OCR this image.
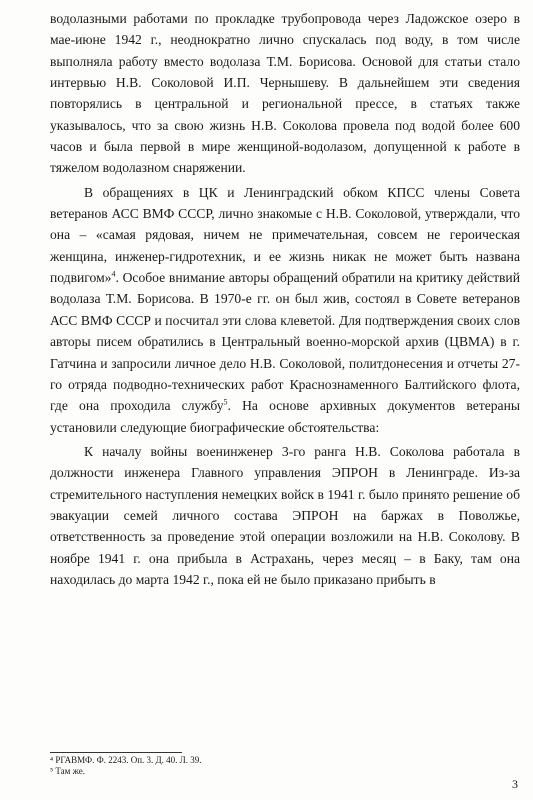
водолазными работами по прокладке трубопровода через Ладожское озеро в мае-июне 1942 г., неоднократно лично спускалась под воду, в том числе выполняла работу вместо водолаза Т.М. Борисова. Основой для статьи стало интервью Н.В. Соколовой И.П. Чернышеву. В дальнейшем эти сведения повторялись в центральной и региональной прессе, в статьях также указывалось, что за свою жизнь Н.В. Соколова провела под водой более 600 часов и была первой в мире женщиной-водолазом, допущенной к работе в тяжелом водолазном снаряжении.

В обращениях в ЦК и Ленинградский обком КПСС члены Совета ветеранов АСС ВМФ СССР, лично знакомые с Н.В. Соколовой, утверждали, что она – «самая рядовая, ничем не примечательная, совсем не героическая женщина, инженер-гидротехник, и ее жизнь никак не может быть названа подвигом»$^4$. Особое внимание авторы обращений обратили на критику действий водолаза Т.М. Борисова. В 1970-е гг. он был жив, состоял в Совете ветеранов АСС ВМФ СССР и посчитал эти слова клеветой. Для подтверждения своих слов авторы писем обратились в Центральный военно-морской архив (ЦВМА) в г. Гатчина и запросили личное дело Н.В. Соколовой, политдонесения и отчеты 27-го отряда подводно-технических работ Краснознаменного Балтийского флота, где она проходила службу$^5$. На основе архивных документов ветераны установили следующие биографические обстоятельства:

К началу войны военинженер 3-го ранга Н.В. Соколова работала в должности инженера Главного управления ЭПРОН в Ленинграде. Из-за стремительного наступления немецких войск в 1941 г. было принято решение об эвакуации семей личного состава ЭПРОН на баржах в Поволжье, ответственность за проведение этой операции возложили на Н.В. Соколову. В ноябре 1941 г. она прибыла в Астрахань, через месяц – в Баку, там она находилась до марта 1942 г., пока ей не было приказано прибыть в

⁴ РГАВМФ. Ф. 2243. Оп. 3. Д. 40. Л. 39.

⁵ Там же.

3
